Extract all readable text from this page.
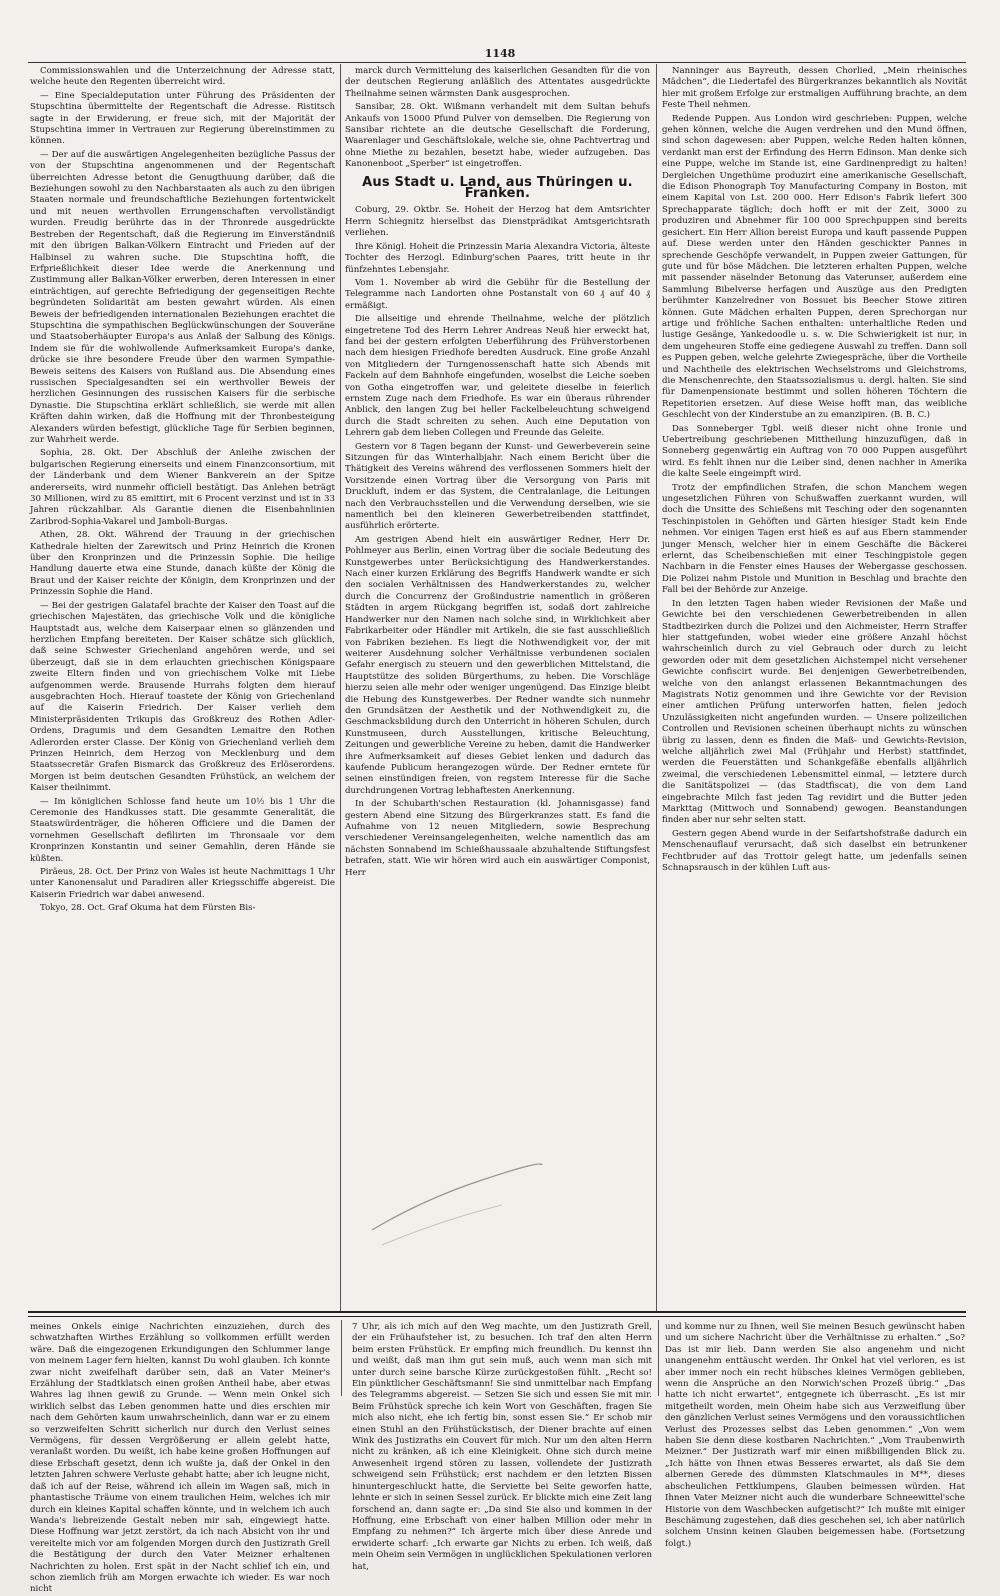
1148

Commissionswahlen und die Unterzeichnung der Adresse statt, welche heute den Regenten überreicht wird.

— Eine Specialdeputation unter Führung des Präsidenten der Stupschtina übermittelte der Regentschaft die Adresse. Ristitsch sagte in der Erwiderung, er freue sich, mit der Majorität der Stupschtina immer in Vertrauen zur Regierung übereinstimmen zu können.

— Der auf die auswärtigen Angelegenheiten bezügliche Passus der von der Stupschtina angenommenen und der Regentschaft überreichten Adresse betont die Genugthuung darüber, daß die Beziehungen sowohl zu den Nachbarstaaten als auch zu den übrigen Staaten normale und freundschaftliche Beziehungen fortentwickelt und mit neuen werthvollen Errungenschaften vervollständigt wurden. Freudig berührte das in der Thronrede ausgedrückte Bestreben der Regentschaft, daß die Regierung im Einverständniß mit den übrigen Balkan-Völkern Eintracht und Frieden auf der Halbinsel zu wahren suche. Die Stupschtina hofft, die Erfprießlichkeit dieser Idee werde die Anerkennung und Zustimmung aller Balkan-Völker erwerben, deren Interessen in einer einträchtigen, auf gerechte Befriedigung der gegenseitigen Rechte begründeten Solidarität am besten gewahrt würden. Als einen Beweis der befriedigenden internationalen Beziehungen erachtet die Stupschtina die sympathischen Beglückwünschungen der Souveräne und Staatsoberhäupter Europa's aus Anlaß der Salbung des Königs. Indem sie für die wohlwollende Aufmerksamkeit Europa's danke, drücke sie ihre besondere Freude über den warmen Sympathie-Beweis seitens des Kaisers von Rußland aus. Die Absendung eines russischen Specialgesandten sei ein werthvoller Beweis der herzlichen Gesinnungen des russischen Kaisers für die serbische Dynastie. Die Stupschtina erklärt schließlich, sie werde mit allen Kräften dahin wirken, daß die Hoffnung mit der Thronbesteigung Alexanders würden befestigt, glückliche Tage für Serbien beginnen, zur Wahrheit werde.

Sophia, 28. Okt. Der Abschluß der Anleihe zwischen der bulgarischen Regierung einerseits und einem Finanzconsortium, mit der Länderbank und dem Wiener Bankverein an der Spitze andererseits, wird nunmehr officiell bestätigt. Das Anlehen beträgt 30 Millionen, wird zu 85 emittirt, mit 6 Procent verzinst und ist in 33 Jahren rückzahlbar. Als Garantie dienen die Eisenbahnlinien Zaribrod-Sophia-Vakarel und Jamboli-Burgas.

Athen, 28. Okt. Während der Trauung in der griechischen Kathedrale hielten der Zarewitsch und Prinz Heinrich die Kronen über den Kronprinzen und die Prinzessin Sophie. Die heilige Handlung dauerte etwa eine Stunde, danach küßte der König die Braut und der Kaiser reichte der Königin, dem Kronprinzen und der Prinzessin Sophie die Hand.

— Bei der gestrigen Galatafel brachte der Kaiser den Toast auf die griechischen Majestäten, das griechische Volk und die königliche Hauptstadt aus, welche dem Kaiserpaar einen so glänzenden und herzlichen Empfang bereiteten. Der Kaiser schätze sich glücklich, daß seine Schwester Griechenland angehören werde, und sei überzeugt, daß sie in dem erlauchten griechischen Königspaare zweite Eltern finden und von griechischem Volke mit Liebe aufgenommen werde. Brausende Hurrahs folgten dem hierauf ausgebrachten Hoch. Hierauf toastete der König von Griechenland auf die Kaiserin Friedrich. Der Kaiser verlieh dem Ministerpräsidenten Trikupis das Großkreuz des Rothen Adler-Ordens, Dragumis und dem Gesandten Lemaitre den Rothen Adlerorden erster Classe. Der König von Griechenland verlieh dem Prinzen Heinrich, dem Herzog von Mecklenburg und dem Staatssecretär Grafen Bismarck das Großkreuz des Erlöserordens. Morgen ist beim deutschen Gesandten Frühstück, an welchem der Kaiser theilnimmt.

— Im königlichen Schlosse fand heute um 10½ bis 1 Uhr die Ceremonie des Handkusses statt. Die gesammte Generalität, die Staatswürdenträger, die höheren Officiere und die Damen der vornehmen Gesellschaft defilirten im Thronsaale vor dem Kronprinzen Konstantin und seiner Gemahlin, deren Hände sie küßten.

Piräeus, 28. Oct. Der Prinz von Wales ist heute Nachmittags 1 Uhr unter Kanonensalut und Paradiren aller Kriegsschiffe abgereist. Die Kaiserin Friedrich war dabei anwesend.

Tokyo, 28. Oct. Graf Okuma hat dem Fürsten Bis-

marck durch Vermittelung des kaiserlichen Gesandten für die von der deutschen Regierung anläßlich des Attentates ausgedrückte Theilnahme seinen wärmsten Dank ausgesprochen.

Sansibar, 28. Okt. Wißmann verhandelt mit dem Sultan behufs Ankaufs von 15000 Pfund Pulver von demselben. Die Regierung von Sansibar richtete an die deutsche Gesellschaft die Forderung, Waarenlager und Geschäftslokale, welche sie, ohne Pachtvertrag und ohne Miethe zu bezahlen, besetzt habe, wieder aufzugeben. Das Kanonenboot „Sperber“ ist eingetroffen.

Aus Stadt u. Land, aus Thüringen u. Franken.

Coburg, 29. Oktbr. Se. Hoheit der Herzog hat dem Amtsrichter Herrn Schiegnitz hierselbst das Dienstprädikat Amtsgerichtsrath verliehen.

Ihre Königl. Hoheit die Prinzessin Maria Alexandra Victoria, älteste Tochter des Herzogl. Edinburg'schen Paares, tritt heute in ihr fünfzehntes Lebensjahr.

Vom 1. November ab wird die Gebühr für die Bestellung der Telegramme nach Landorten ohne Postanstalt von 60 ₰ auf 40 ₰ ermäßigt.

Die allseitige und ehrende Theilnahme, welche der plötzlich eingetretene Tod des Herrn Lehrer Andreas Neuß hier erweckt hat, fand bei der gestern erfolgten Ueberführung des Frühverstorbenen nach dem hiesigen Friedhofe beredten Ausdruck. Eine große Anzahl von Mitgliedern der Turngenossenschaft hatte sich Abends mit Fackeln auf dem Bahnhofe eingefunden, woselbst die Leiche soeben von Gotha eingetroffen war, und geleitete dieselbe in feierlich ernstem Zuge nach dem Friedhofe. Es war ein überaus rührender Anblick, den langen Zug bei heller Fackelbeleuchtung schweigend durch die Stadt schreiten zu sehen. Auch eine Deputation von Lehrern gab dem lieben Collegen und Freunde das Geleite.

Gestern vor 8 Tagen begann der Kunst- und Gewerbeverein seine Sitzungen für das Winterhalbjahr. Nach einem Bericht über die Thätigkeit des Vereins während des verflossenen Sommers hielt der Vorsitzende einen Vortrag über die Versorgung von Paris mit Druckluft, indem er das System, die Centralanlage, die Leitungen nach den Verbrauchsstellen und die Verwendung derselben, wie sie namentlich bei den kleineren Gewerbetreibenden stattfindet, ausführlich erörterte.

Am gestrigen Abend hielt ein auswärtiger Redner, Herr Dr. Pohlmeyer aus Berlin, einen Vortrag über die sociale Bedeutung des Kunstgewerbes unter Berücksichtigung des Handwerkerstandes. Nach einer kurzen Erklärung des Begriffs Handwerk wandte er sich den socialen Verhältnissen des Handwerkerstandes zu, welcher durch die Concurrenz der Großindustrie namentlich in größeren Städten in argem Rückgang begriffen ist, sodaß dort zahlreiche Handwerker nur den Namen nach solche sind, in Wirklichkeit aber Fabrikarbeiter oder Händler mit Artikeln, die sie fast ausschließlich von Fabriken beziehen. Es liegt die Nothwendigkeit vor, der mit weiterer Ausdehnung solcher Verhältnisse verbundenen socialen Gefahr energisch zu steuern und den gewerblichen Mittelstand, die Hauptstütze des soliden Bürgerthums, zu heben. Die Vorschläge hierzu seien alle mehr oder weniger ungenügend. Das Einzige bleibt die Hebung des Kunstgewerbes. Der Redner wandte sich nunmehr den Grundsätzen der Aesthetik und der Nothwendigkeit zu, die Geschmacksbildung durch den Unterricht in höheren Schulen, durch Kunstmuseen, durch Ausstellungen, kritische Beleuchtung, Zeitungen und gewerbliche Vereine zu heben, damit die Handwerker ihre Aufmerksamkeit auf dieses Gebiet lenken und dadurch das kaufende Publicum herangezogen würde. Der Redner erntete für seinen einstündigen freien, von regstem Interesse für die Sache durchdrungenen Vortrag lebhaftesten Anerkennung.

In der Schubarth'schen Restauration (kl. Johannisgasse) fand gestern Abend eine Sitzung des Bürgerkranzes statt. Es fand die Aufnahme von 12 neuen Mitgliedern, sowie Besprechung verschiedener Vereinsangelegenheiten, welche namentlich das am nächsten Sonnabend im Schießhaussaale abzuhaltende Stiftungsfest betrafen, statt. Wie wir hören wird auch ein auswärtiger Componist, Herr

Nanninger aus Bayreuth, dessen Chorlied, „Mein rheinisches Mädchen“, die Liedertafel des Bürgerkranzes bekanntlich als Novität hier mit großem Erfolge zur erstmaligen Aufführung brachte, an dem Feste Theil nehmen.

Redende Puppen. Aus London wird geschrieben: Puppen, welche gehen können, welche die Augen verdrehen und den Mund öffnen, sind schon dagewesen: aber Puppen, welche Reden halten können, verdankt man erst der Erfindung des Herrn Edinson. Man denke sich eine Puppe, welche im Stande ist, eine Gardinenpredigt zu halten! Dergleichen Ungethüme produzirt eine amerikanische Gesellschaft, die Edison Phonograph Toy Manufacturing Company in Boston, mit einem Kapital von Lst. 200 000. Herr Edison's Fabrik liefert 300 Sprechapparate täglich; doch hofft er mit der Zeit, 3000 zu produziren und Abnehmer für 100 000 Sprechpuppen sind bereits gesichert. Ein Herr Allion bereist Europa und kauft passende Puppen auf. Diese werden unter den Händen geschickter Pannes in sprechende Geschöpfe verwandelt, in Puppen zweier Gattungen, für gute und für böse Mädchen. Die letzteren erhalten Puppen, welche mit passender näselnder Betonung das Vaterunser, außerdem eine Sammlung Bibelverse herfagen und Auszüge aus den Predigten berühmter Kanzelredner von Bossuet bis Beecher Stowe zitiren können. Gute Mädchen erhalten Puppen, deren Sprechorgan nur artige und fröhliche Sachen enthalten: unterhaltliche Reden und lustige Gesänge, Yankedoodle u. s. w. Die Schwierigkeit ist nur, in dem ungeheuren Stoffe eine gediegene Auswahl zu treffen. Dann soll es Puppen geben, welche gelehrte Zwiegespräche, über die Vortheile und Nachtheile des elektrischen Wechselstroms und Gleichstroms, die Menschenrechte, den Staatssozialismus u. dergl. halten. Sie sind für Damenpensionate bestimmt und sollen höheren Töchtern die Repetitorien ersetzen. Auf diese Weise hofft man, das weibliche Geschlecht von der Kinderstube an zu emanzipiren. (B. B. C.)

Das Sonneberger Tgbl. weiß dieser nicht ohne Ironie und Uebertreibung geschriebenen Mittheilung hinzuzufügen, daß in Sonneberg gegenwärtig ein Auftrag von 70 000 Puppen ausgeführt wird. Es fehlt ihnen nur die Leiber sind, denen nachher in Amerika die kalte Seele eingeimpft wird.

Trotz der empfindlichen Strafen, die schon Manchem wegen ungesetzlichen Führen von Schußwaffen zuerkannt wurden, will doch die Unsitte des Schießens mit Tesching oder den sogenannten Teschinpistolen in Gehöften und Gärten hiesiger Stadt kein Ende nehmen. Vor einigen Tagen erst hieß es auf aus Ebern stammender junger Mensch, welcher hier in einem Geschäfte die Bäckerei erlernt, das Scheibenschießen mit einer Teschingpistole gegen Nachbarn in die Fenster eines Hauses der Webergasse geschossen. Die Polizei nahm Pistole und Munition in Beschlag und brachte den Fall bei der Behörde zur Anzeige.

In den letzten Tagen haben wieder Revisionen der Maße und Gewichte bei den verschiedenen Gewerbetreibenden in allen Stadtbezirken durch die Polizei und den Aichmeister, Herrn Straffer hier stattgefunden, wobei wieder eine größere Anzahl höchst wahrscheinlich durch zu viel Gebrauch oder durch zu leicht geworden oder mit dem gesetzlichen Aichstempel nicht versehener Gewichte confiscirt wurde. Bei denjenigen Gewerbetreibenden, welche von den anlangst erlassenen Bekanntmachungen des Magistrats Notiz genommen und ihre Gewichte vor der Revision einer amtlichen Prüfung unterworfen hatten, fielen jedoch Unzulässigkeiten nicht angefunden wurden. — Unsere polizeilichen Controllen und Revisionen scheinen überhaupt nichts zu wünschen übrig zu lassen, denn es finden die Maß- und Gewichts-Revision, welche alljährlich zwei Mal (Frühjahr und Herbst) stattfindet, werden die Feuerstätten und Schankgefäße ebenfalls alljährlich zweimal, die verschiedenen Lebensmittel einmal, — letztere durch die Sanitätspolizei — (das Stadtfiscat), die von dem Land eingebrachte Milch fast jeden Tag revidirt und die Butter jeden Markttag (Mittwoch und Sonnabend) gewogen. Beanstandungen finden aber nur sehr selten statt.

Gestern gegen Abend wurde in der Seifartshofstraße dadurch ein Menschenauflauf verursacht, daß sich daselbst ein betrunkener Fechtbruder auf das Trottoir gelegt hatte, um jedenfalls seinen Schnapsrausch in der kühlen Luft aus-

meines Onkels einige Nachrichten einzuziehen, durch des schwatzhaften Wirthes Erzählung so vollkommen erfüllt werden wäre. Daß die eingezogenen Erkundigungen den Schlummer lange von meinem Lager fern hielten, kannst Du wohl glauben. Ich konnte zwar nicht zweifelhaft darüber sein, daß an Vater Meiner's Erzählung der Stadtklatsch einen großen Antheil habe, aber etwas Wahres lag ihnen gewiß zu Grunde. — Wenn mein Onkel sich wirklich selbst das Leben genommen hatte und dies erschien mir nach dem Gehörten kaum unwahrscheinlich, dann war er zu einem so verzweifelten Schritt sicherlich nur durch den Verlust seines Vermögens, für dessen Vergrößerung er allein gelebt hatte, veranlaßt worden. Du weißt, ich habe keine großen Hoffnungen auf diese Erbschaft gesetzt, denn ich wußte ja, daß der Onkel in den letzten Jahren schwere Verluste gehabt hatte; aber ich leugne nicht, daß ich auf der Reise, während ich allein im Wagen saß, mich in phantastische Träume von einem traulichen Heim, welches ich mir durch ein kleines Kapital schaffen könnte, und in welchem ich auch Wanda's liebreizende Gestalt neben mir sah, eingewiegt hatte. Diese Hoffnung war jetzt zerstört, da ich nach Absicht von ihr und vereitelte mich vor am folgenden Morgen durch den Justizrath Grell die Bestätigung der durch den Vater Meizner erhaltenen Nachrichten zu holen. Erst spät in der Nacht schlief ich ein, und schon ziemlich früh am Morgen erwachte ich wieder. Es war noch nicht
7 Uhr, als ich mich auf den Weg machte, um den Justizrath Grell, der ein Frühaufsteher ist, zu besuchen. Ich traf den alten Herrn beim ersten Frühstück. Er empfing mich freundlich. Du kennst ihn und weißt, daß man ihm gut sein muß, auch wenn man sich mit unter durch seine barsche Kürze zurückgestoßen fühlt. „Recht so! Ein pünktlicher Geschäftsmann! Sie sind unmittelbar nach Empfang des Telegramms abgereist. — Setzen Sie sich und essen Sie mit mir. Beim Frühstück spreche ich kein Wort von Geschäften, fragen Sie mich also nicht, ehe ich fertig bin, sonst essen Sie.“ Er schob mir einen Stuhl an den Frühstückstisch, der Diener brachte auf einen Wink des Justizraths ein Couvert für mich. Nur um den alten Herrn nicht zu kränken, aß ich eine Kleinigkeit. Ohne sich durch meine Anwesenheit irgend stören zu lassen, vollendete der Justizrath schweigend sein Frühstück; erst nachdem er den letzten Bissen hinuntergeschluckt hatte, die Serviette bei Seite geworfen hatte, lehnte er sich in seinen Sessel zurück. Er blickte mich eine Zeit lang forschend an, dann sagte er: „Da sind Sie also und kommen in der Hoffnung, eine Erbschaft von einer halben Million oder mehr in Empfang zu nehmen?“ Ich ärgerte mich über diese Anrede und erwiderte scharf: „Ich erwarte gar Nichts zu erben. Ich weiß, daß mein Oheim sein Vermögen in unglücklichen Spekulationen verloren hat,
und komme nur zu Ihnen, weil Sie meinen Besuch gewünscht haben und um sichere Nachricht über die Verhältnisse zu erhalten.“ „So? Das ist mir lieb. Dann werden Sie also angenehm und nicht unangenehm enttäuscht werden. Ihr Onkel hat viel verloren, es ist aber immer noch ein recht hübsches kleines Vermögen geblieben, wenn die Ansprüche an den Norwich'schen Prozeß übrig.“ „Das hatte ich nicht erwartet“, entgegnete ich überrascht. „Es ist mir mitgetheilt worden, mein Oheim habe sich aus Verzweiflung über den gänzlichen Verlust seines Vermögens und den voraussichtlichen Verlust des Prozesses selbst das Leben genommen.“ „Von wem haben Sie denn diese kostbaren Nachrichten.“ „Vom Traubenwirth Meizner.“ Der Justizrath warf mir einen mißbilligenden Blick zu. „Ich hätte von Ihnen etwas Besseres erwartet, als daß Sie dem albernen Gerede des dümmsten Klatschmaules in M**, dieses abscheulichen Fettklumpens, Glauben beimessen würden. Hat Ihnen Vater Meizner nicht auch die wunderbare Schneewittel'sche Historie von dem Waschbecken aufgetischt?“ Ich mußte mit einiger Beschämung zugestehen, daß dies geschehen sei, ich aber natürlich solchem Unsinn keinen Glauben beigemessen habe. (Fortsetzung folgt.)
